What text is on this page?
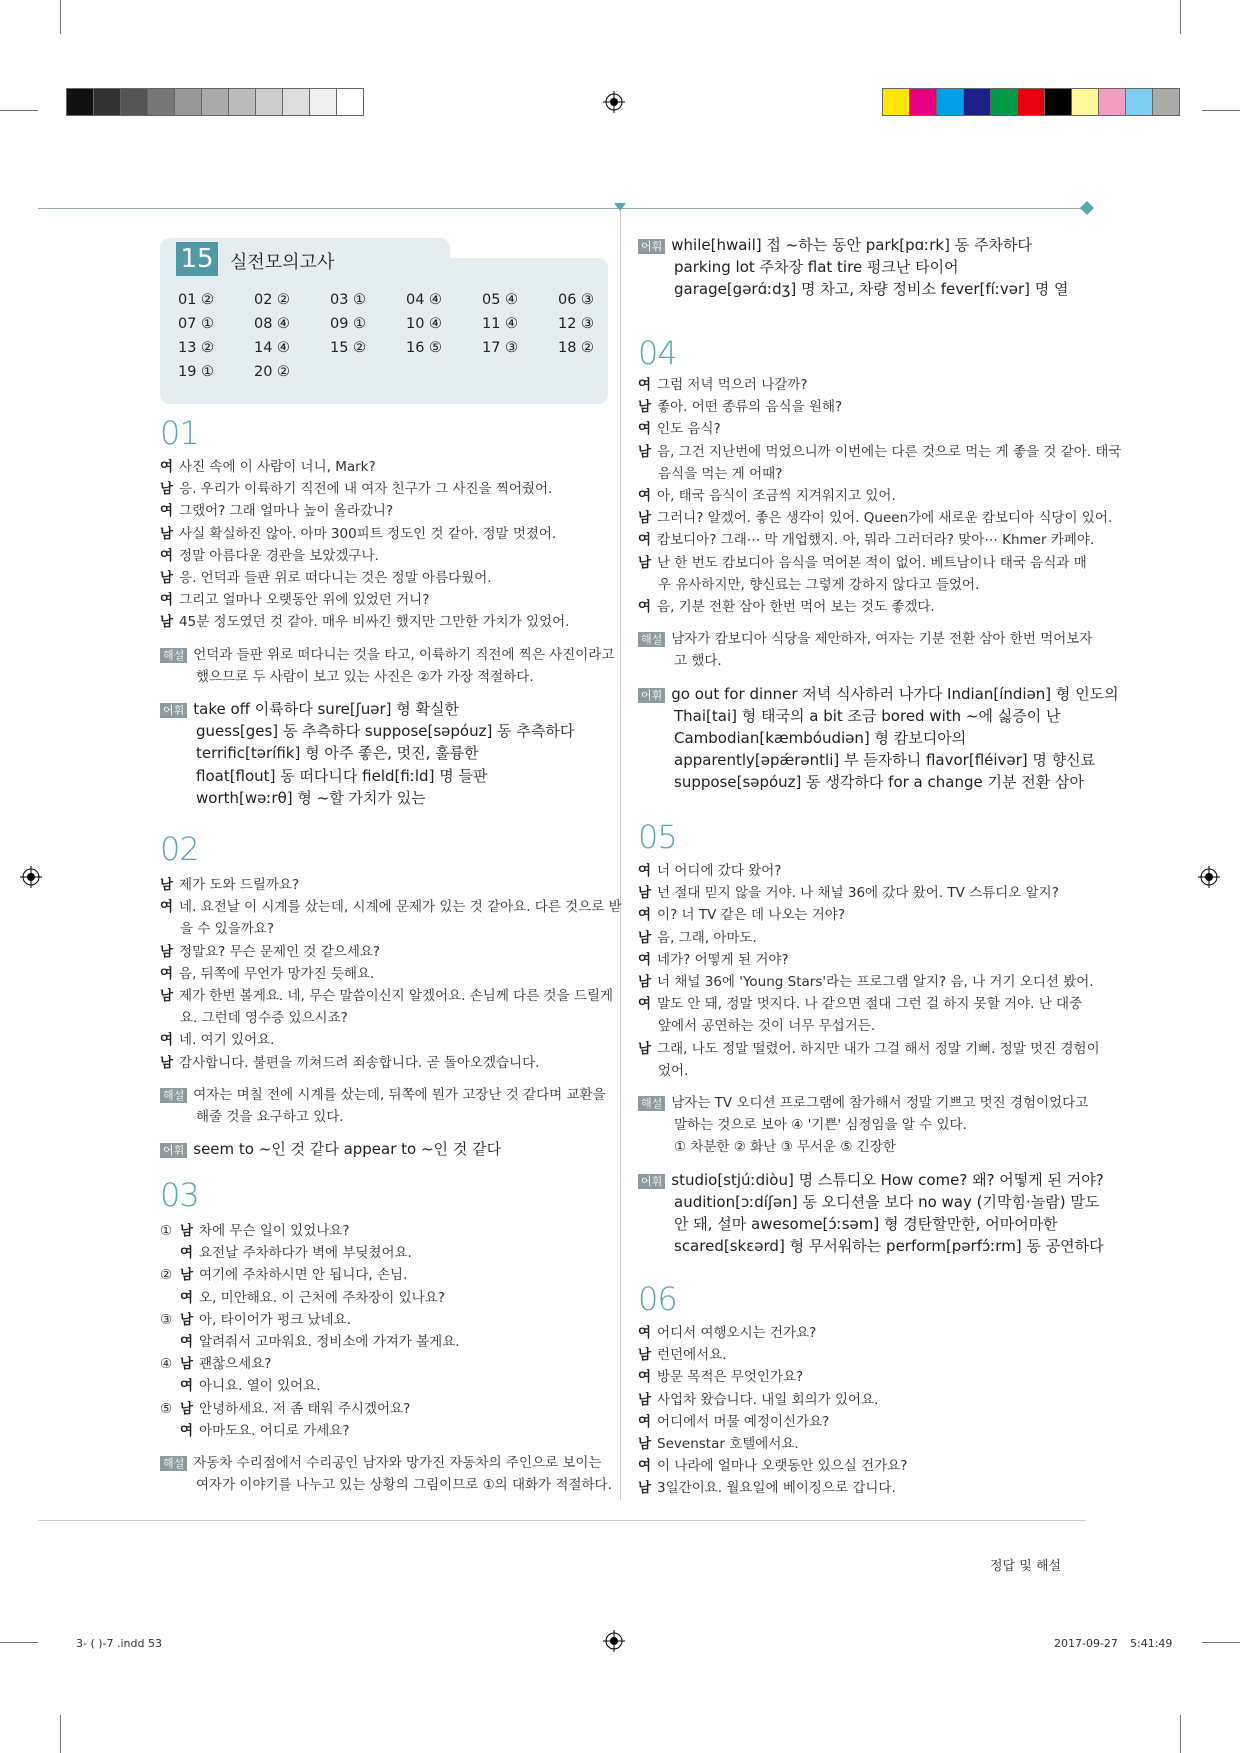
15 실전모의고사
01 ②	02 ②	03 ①	04 ④	05 ④	06 ③
07 ①	08 ④	09 ①	10 ④	11 ④	12 ③
13 ②	14 ④	15 ②	16 ⑤	17 ③	18 ②
19 ①	20 ②
01
여 사진 속에 이 사람이 너니, Mark?
남 응. 우리가 이륙하기 직전에 내 여자 친구가 그 사진을 찍어줬어.
여 그랬어? 그래 얼마나 높이 올라갔니?
남 사실 확실하진 않아. 아마 300피트 정도인 것 같아. 정말 멋졌어.
여 정말 아름다운 경관을 보았겠구나.
남 응. 언덕과 들판 위로 떠다니는 것은 정말 아름다웠어.
여 그리고 얼마나 오랫동안 위에 있었던 거니?
남 45분 정도였던 것 같아. 매우 비싸긴 했지만 그만한 가치가 있었어.
해설 언덕과 들판 위로 떠다니는 것을 타고, 이륙하기 직전에 찍은 사진이라고
했으므로 두 사람이 보고 있는 사진은 ②가 가장 적절하다.
어휘 take off 이륙하다 sure[ʃuər] 형 확실한
guess[ges] 동 추측하다 suppose[səpóuz] 동 추측하다
terrific[tərífik] 형 아주 좋은, 멋진, 훌륭한
float[flout] 동 떠다니다 field[fiːld] 명 들판
worth[wəːrθ] 형 ~할 가치가 있는
02
남 제가 도와 드릴까요?
여 네. 요전날 이 시계를 샀는데, 시계에 문제가 있는 것 같아요. 다른 것으로 받
을 수 있을까요?
남 정말요? 무슨 문제인 것 같으세요?
여 음, 뒤쪽에 무언가 망가진 듯해요.
남 제가 한번 볼게요. 네, 무슨 말씀이신지 알겠어요. 손님께 다른 것을 드릴게
요. 그런데 영수증 있으시죠?
여 네. 여기 있어요.
남 감사합니다. 불편을 끼쳐드려 죄송합니다. 곧 돌아오겠습니다.
해설 여자는 며칠 전에 시계를 샀는데, 뒤쪽에 뭔가 고장난 것 같다며 교환을
해줄 것을 요구하고 있다.
어휘 seem to ~인 것 같다 appear to ~인 것 같다
03
① 남 차에 무슨 일이 있었나요?
여 요전날 주차하다가 벽에 부딪쳤어요.
② 남 여기에 주차하시면 안 됩니다, 손님.
여 오, 미안해요. 이 근처에 주차장이 있나요?
③ 남 아, 타이어가 펑크 났네요.
여 알려줘서 고마워요. 정비소에 가져가 볼게요.
④ 남 괜찮으세요?
여 아니요. 열이 있어요.
⑤ 남 안녕하세요. 저 좀 태워 주시겠어요?
여 아마도요. 어디로 가세요?
해설 자동차 수리점에서 수리공인 남자와 망가진 자동차의 주인으로 보이는
여자가 이야기를 나누고 있는 상황의 그림이므로 ①의 대화가 적절하다.
어휘 while[hwail] 접 ~하는 동안 park[pɑːrk] 동 주차하다
parking lot 주차장 flat tire 펑크난 타이어
garage[gərɑ́ːdʒ] 명 차고, 차량 정비소 fever[fíːvər] 명 열
04
여 그럼 저녁 먹으러 나갈까?
남 좋아. 어떤 종류의 음식을 원해?
여 인도 음식?
남 음, 그건 지난번에 먹었으니까 이번에는 다른 것으로 먹는 게 좋을 것 같아. 태국
음식을 먹는 게 어때?
여 아, 태국 음식이 조금씩 지겨워지고 있어.
남 그러니? 알겠어. 좋은 생각이 있어. Queen가에 새로운 캄보디아 식당이 있어.
여 캄보디아? 그래⋯ 막 개업했지. 아, 뭐라 그러더라? 맞아⋯ Khmer 카페야.
남 난 한 번도 캄보디아 음식을 먹어본 적이 없어. 베트남이나 태국 음식과 매
우 유사하지만, 향신료는 그렇게 강하지 않다고 들었어.
여 음, 기분 전환 삼아 한번 먹어 보는 것도 좋겠다.
해설 남자가 캄보디아 식당을 제안하자, 여자는 기분 전환 삼아 한번 먹어보자
고 했다.
어휘 go out for dinner 저녁 식사하러 나가다 Indian[índiən] 형 인도의
Thai[tai] 형 태국의 a bit 조금 bored with ~에 싫증이 난
Cambodian[kæmbóudiən] 형 캄보디아의
apparently[əpǽrəntli] 부 듣자하니 flavor[fléivər] 명 향신료
suppose[səpóuz] 동 생각하다 for a change 기분 전환 삼아
05
여 너 어디에 갔다 왔어?
남 넌 절대 믿지 않을 거야. 나 채널 36에 갔다 왔어. TV 스튜디오 알지?
여 이? 너 TV 같은 데 나오는 거야?
남 음, 그래, 아마도.
여 네가? 어떻게 된 거야?
남 너 채널 36에 'Young Stars'라는 프로그램 알지? 음, 나 거기 오디션 봤어.
여 말도 안 돼, 정말 멋지다. 나 같으면 절대 그런 걸 하지 못할 거야. 난 대중
앞에서 공연하는 것이 너무 무섭거든.
남 그래, 나도 정말 떨렸어. 하지만 내가 그걸 해서 정말 기뻐. 정말 멋진 경험이
었어.
해설 남자는 TV 오디션 프로그램에 참가해서 정말 기쁘고 멋진 경험이었다고
말하는 것으로 보아 ④ '기쁜' 심정임을 알 수 있다.
① 차분한 ② 화난 ③ 무서운 ⑤ 긴장한
어휘 studio[stjúːdiòu] 명 스튜디오 How come? 왜? 어떻게 된 거야?
audition[ɔːdíʃən] 동 오디션을 보다 no way (기막힘·놀람) 말도
안 돼, 설마 awesome[ɔ́ːsəm] 형 경탄할만한, 어마어마한
scared[skɛərd] 형 무서워하는 perform[pərfɔ́ːrm] 동 공연하다
06
여 어디서 여행오시는 건가요?
남 런던에서요.
여 방문 목적은 무엇인가요?
남 사업차 왔습니다. 내일 회의가 있어요.
여 어디에서 머물 예정이신가요?
남 Sevenstar 호텔에서요.
여 이 나라에 얼마나 오랫동안 있으실 건가요?
남 3일간이요. 월요일에 베이징으로 갑니다.
정답 및 해설
3- ( )-7 .indd 53	2017-09-27 5:41:49
